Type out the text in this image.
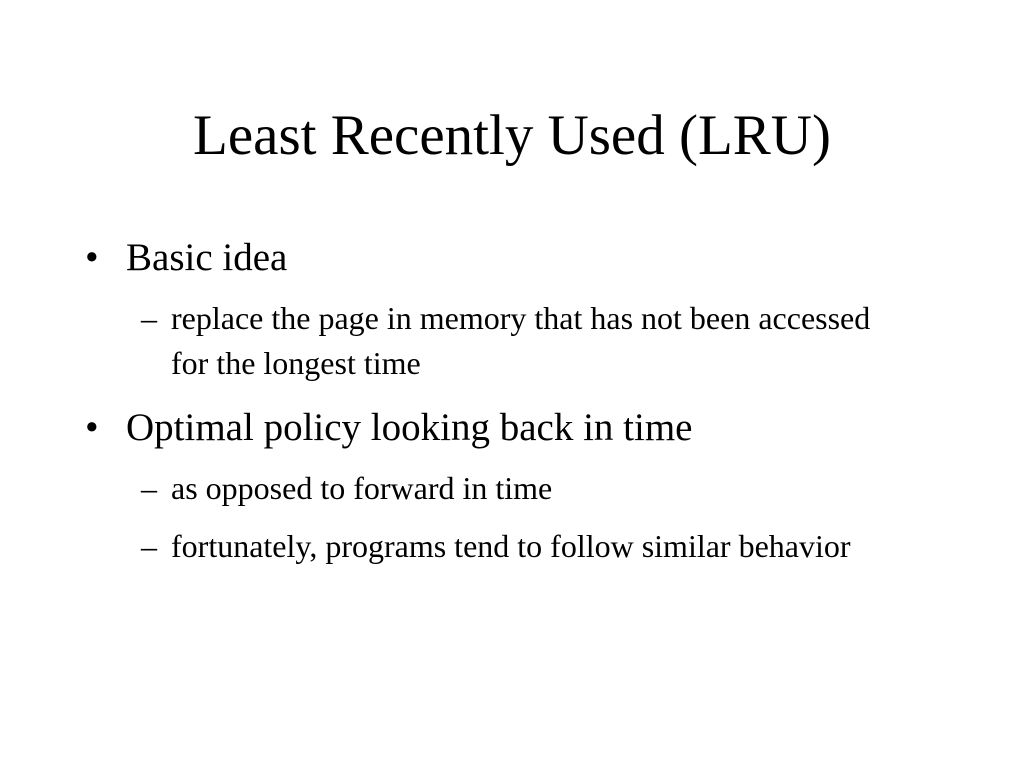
Least Recently Used (LRU)
• Basic idea
– replace the page in memory that has not been accessed for the longest time
• Optimal policy looking back in time
– as opposed to forward in time
– fortunately, programs tend to follow similar behavior
